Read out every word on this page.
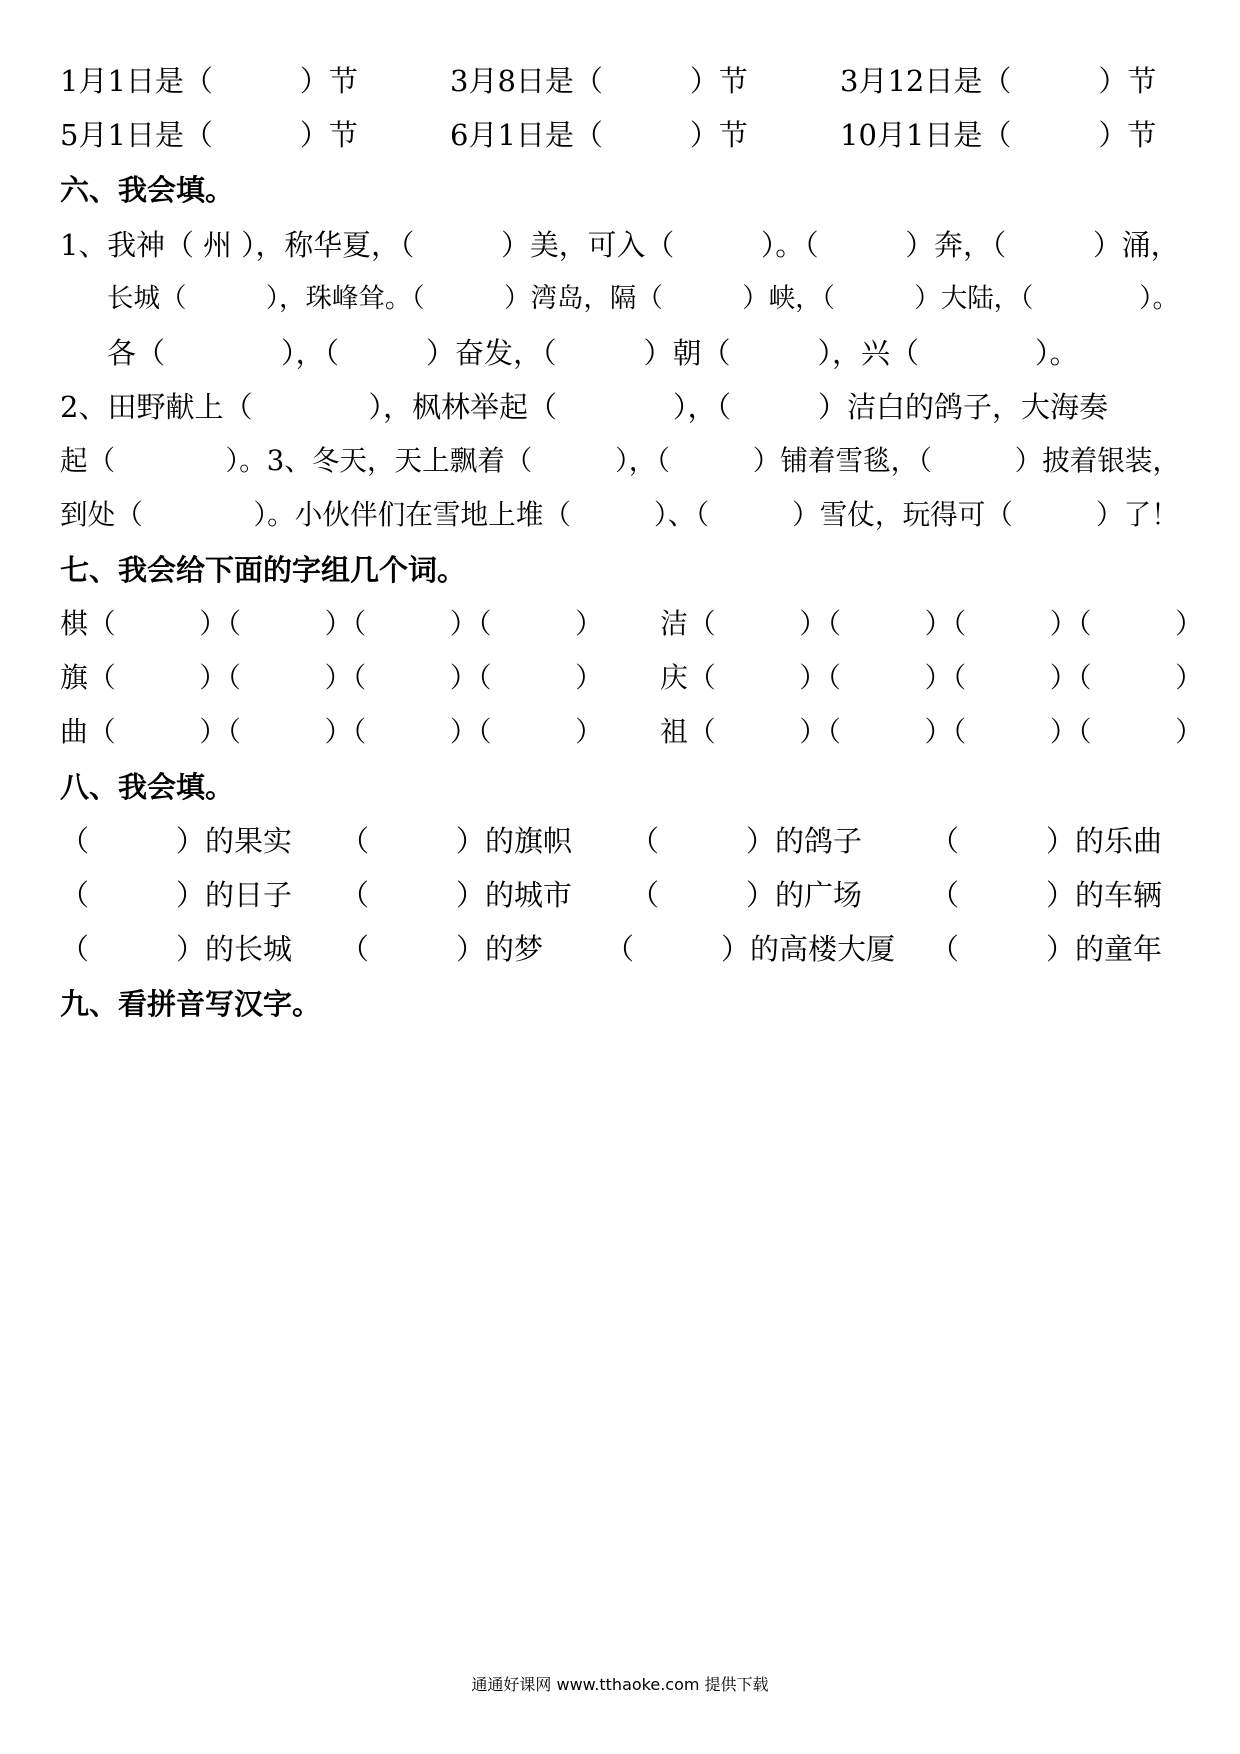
1月1日是（　　　）节	3月8日是（　　　）节	3月12日是（　　　）节
5月1日是（　　　）节	6月1日是（　　　）节	10月1日是（　　　）节
六、我会填。
1、我神（ 州 ），称华夏，（　　　）美，可入（　　　）。（　　　）奔，（　　　）涌，
长城（　　　），珠峰耸。（　　　）湾岛，隔（　　　）峡，（　　　）大陆，（　　　　）。
各（　　　　），（　　　）奋发，（　　　）朝（　　　），兴（　　　　）。
2、田野献上（　　　　），枫林举起（　　　　），（　　　）洁白的鸽子，大海奏
起（　　　　）。3、冬天，天上飘着（　　　），（　　　）铺着雪毯，（　　　）披着银装，
到处（　　　　）。小伙伴们在雪地上堆（　　　）、（　　　）雪仗，玩得可（　　　）了！
七、我会给下面的字组几个词。
棋（　　　）（　　　）（　　　）（　　　） 洁（　　　）（　　　）（　　　）（　　　）
旗（　　　）（　　　）（　　　）（　　　） 庆（　　　）（　　　）（　　　）（　　　）
曲（　　　）（　　　）（　　　）（　　　） 祖（　　　）（　　　）（　　　）（　　　）
八、我会填。
（　　　）的果实 （　　　）的旗帜 （　　　）的鸽子 （　　　）的乐曲
（　　　）的日子 （　　　）的城市 （　　　）的广场 （　　　）的车辆
（　　　）的长城 （　　　）的梦 （　　　）的高楼大厦 （　　　）的童年
九、看拼音写汉字。
通通好课网 www.tthaoke.com 提供下载
